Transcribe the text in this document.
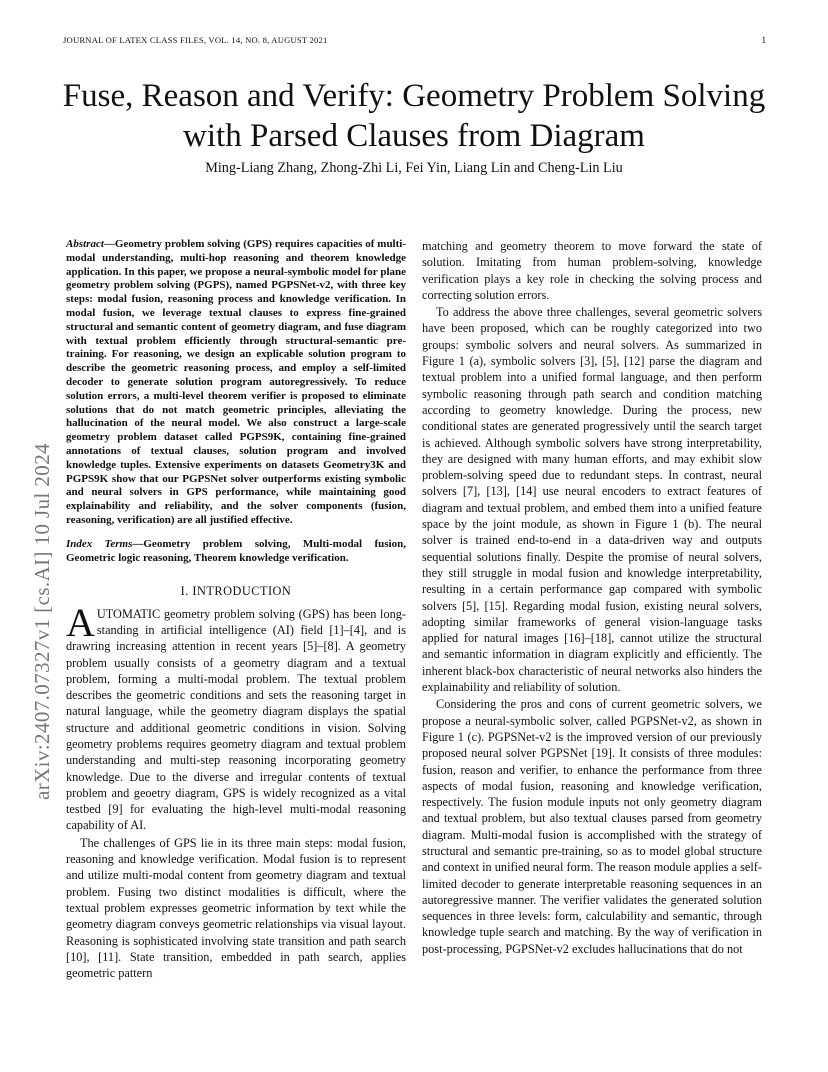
JOURNAL OF LATEX CLASS FILES, VOL. 14, NO. 8, AUGUST 2021	1
arXiv:2407.07327v1 [cs.AI] 10 Jul 2024
Fuse, Reason and Verify: Geometry Problem Solving with Parsed Clauses from Diagram
Ming-Liang Zhang, Zhong-Zhi Li, Fei Yin, Liang Lin and Cheng-Lin Liu

Abstract—Geometry problem solving (GPS) requires capacities of multi-modal understanding, multi-hop reasoning and theorem knowledge application. In this paper, we propose a neural-symbolic model for plane geometry problem solving (PGPS), named PGPSNet-v2, with three key steps: modal fusion, reasoning process and knowledge verification. In modal fusion, we leverage textual clauses to express fine-grained structural and semantic content of geometry diagram, and fuse diagram with textual problem efficiently through structural-semantic pre-training. For reasoning, we design an explicable solution program to describe the geometric reasoning process, and employ a self-limited decoder to generate solution program autoregressively. To reduce solution errors, a multi-level theorem verifier is proposed to eliminate solutions that do not match geometric principles, alleviating the hallucination of the neural model. We also construct a large-scale geometry problem dataset called PGPS9K, containing fine-grained annotations of textual clauses, solution program and involved knowledge tuples. Extensive experiments on datasets Geometry3K and PGPS9K show that our PGPSNet solver outperforms existing symbolic and neural solvers in GPS performance, while maintaining good explainability and reliability, and the solver components (fusion, reasoning, verification) are all justified effective.

Index Terms—Geometry problem solving, Multi-modal fusion, Geometric logic reasoning, Theorem knowledge verification.

I. INTRODUCTION

AUTOMATIC geometry problem solving (GPS) has been long-standing in artificial intelligence (AI) field [1]–[4], and is drawring increasing attention in recent years [5]–[8]. A geometry problem usually consists of a geometry diagram and a textual problem, forming a multi-modal problem. The textual problem describes the geometric conditions and sets the reasoning target in natural language, while the geometry diagram displays the spatial structure and additional geometric conditions in vision. Solving geometry problems requires geometry diagram and textual problem understanding and multi-step reasoning incorporating geometry knowledge. Due to the diverse and irregular contents of textual problem and geoetry diagram, GPS is widely recognized as a vital testbed [9] for evaluating the high-level multi-modal reasoning capability of AI.

The challenges of GPS lie in its three main steps: modal fusion, reasoning and knowledge verification. Modal fusion is to represent and utilize multi-modal content from geometry diagram and textual problem. Fusing two distinct modalities is difficult, where the textual problem expresses geometric information by text while the geometry diagram conveys geometric relationships via visual layout. Reasoning is sophisticated involving state transition and path search [10], [11]. State transition, embedded in path search, applies geometric pattern

matching and geometry theorem to move forward the state of solution. Imitating from human problem-solving, knowledge verification plays a key role in checking the solving process and correcting solution errors.

To address the above three challenges, several geometric solvers have been proposed, which can be roughly categorized into two groups: symbolic solvers and neural solvers. As summarized in Figure 1 (a), symbolic solvers [3], [5], [12] parse the diagram and textual problem into a unified formal language, and then perform symbolic reasoning through path search and condition matching according to geometry knowledge. During the process, new conditional states are generated progressively until the search target is achieved. Although symbolic solvers have strong interpretability, they are designed with many human efforts, and may exhibit slow problem-solving speed due to redundant steps. In contrast, neural solvers [7], [13], [14] use neural encoders to extract features of diagram and textual problem, and embed them into a unified feature space by the joint module, as shown in Figure 1 (b). The neural solver is trained end-to-end in a data-driven way and outputs sequential solutions finally. Despite the promise of neural solvers, they still struggle in modal fusion and knowledge interpretability, resulting in a certain performance gap compared with symbolic solvers [5], [15]. Regarding modal fusion, existing neural solvers, adopting similar frameworks of general vision-language tasks applied for natural images [16]–[18], cannot utilize the structural and semantic information in diagram explicitly and efficiently. The inherent black-box characteristic of neural networks also hinders the explainability and reliability of solution.

Considering the pros and cons of current geometric solvers, we propose a neural-symbolic solver, called PGPSNet-v2, as shown in Figure 1 (c). PGPSNet-v2 is the improved version of our previously proposed neural solver PGPSNet [19]. It consists of three modules: fusion, reason and verifier, to enhance the performance from three aspects of modal fusion, reasoning and knowledge verification, respectively. The fusion module inputs not only geometry diagram and textual problem, but also textual clauses parsed from geometry diagram. Multi-modal fusion is accomplished with the strategy of structural and semantic pre-training, so as to model global structure and context in unified neural form. The reason module applies a self-limited decoder to generate interpretable reasoning sequences in an autoregressive manner. The verifier validates the generated solution sequences in three levels: form, calculability and semantic, through knowledge tuple search and matching. By the way of verification in post-processing, PGPSNet-v2 excludes hallucinations that do not
